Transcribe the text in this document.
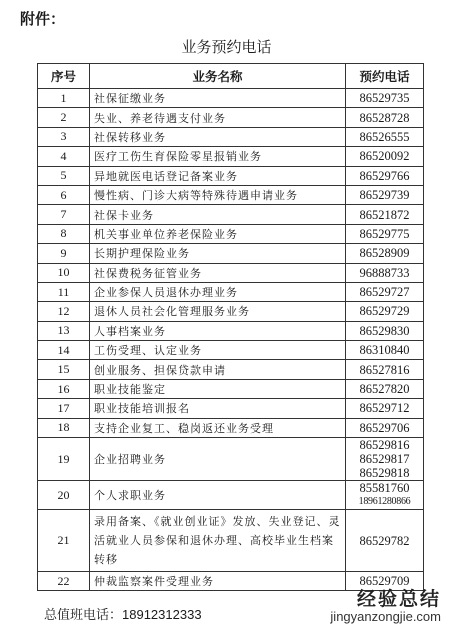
附件：
业务预约电话
序号	业务名称	预约电话
1	社保征缴业务	86529735

2	失业、养老待遇支付业务	86528728

3	社保转移业务	86526555

4	医疗工伤生育保险零星报销业务	86520092

5	异地就医电话登记备案业务	86529766

6	慢性病、门诊大病等特殊待遇申请业务	86529739

7	社保卡业务	86521872

8	机关事业单位养老保险业务	86529775

9	长期护理保险业务	86528909

10	社保费税务征管业务	96888733

11	企业参保人员退休办理业务	86529727

12	退休人员社会化管理服务业务	86529729

13	人事档案业务	86529830

14	工伤受理、认定业务	86310840

15	创业服务、担保贷款申请	86527816

16	职业技能鉴定	86527820

17	职业技能培训报名	86529712

18	支持企业复工、稳岗返还业务受理	86529706

19	企业招聘业务	86529816
86529817
86529818

20	个人求职业务	85581760
18961280866

21	录用备案、《就业创业证》发放、失业登记、灵活就业人员参保和退休办理、高校毕业生档案转移	86529782

22	仲裁监察案件受理业务	86529709
总值班电话：18912312333
经验总结
jingyanzongjie.com
